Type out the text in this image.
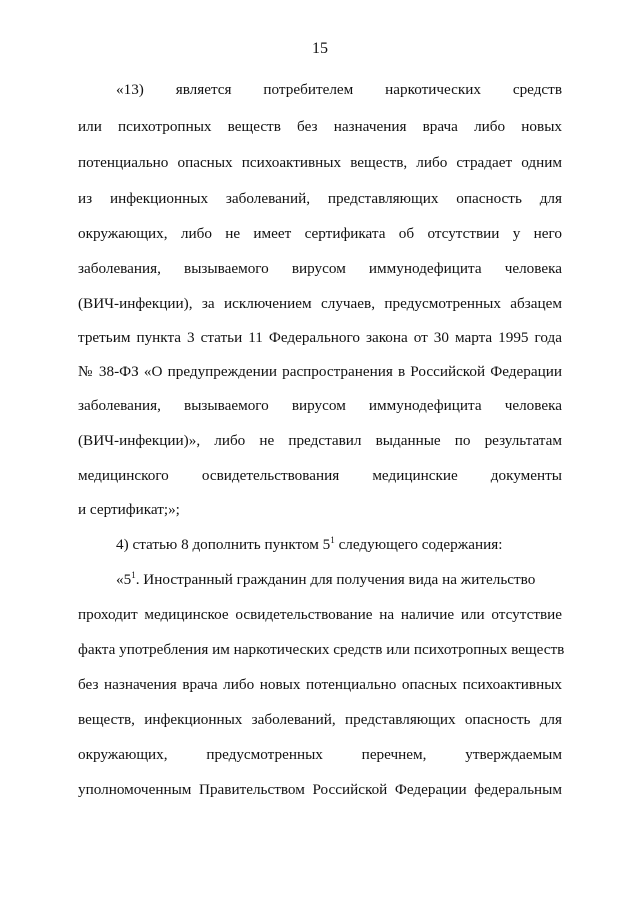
15
«13) является потребителем наркотических средств
или психотропных веществ без назначения врача либо новых
потенциально опасных психоактивных веществ, либо страдает одним
из инфекционных заболеваний, представляющих опасность для
окружающих, либо не имеет сертификата об отсутствии у него
заболевания, вызываемого вирусом иммунодефицита человека
(ВИЧ-инфекции), за исключением случаев, предусмотренных абзацем
третьим пункта 3 статьи 11 Федерального закона от 30 марта 1995 года
№ 38-ФЗ «О предупреждении распространения в Российской Федерации
заболевания, вызываемого вирусом иммунодефицита человека
(ВИЧ-инфекции)», либо не представил выданные по результатам
медицинского освидетельствования медицинские документы
и сертификат;»;
4) статью 8 дополнить пунктом $5^1$ следующего содержания:
«$5^1$. Иностранный гражданин для получения вида на жительство
проходит медицинское освидетельствование на наличие или отсутствие
факта употребления им наркотических средств или психотропных веществ
без назначения врача либо новых потенциально опасных психоактивных
веществ, инфекционных заболеваний, представляющих опасность для
окружающих, предусмотренных перечнем, утверждаемым
уполномоченным Правительством Российской Федерации федеральным
